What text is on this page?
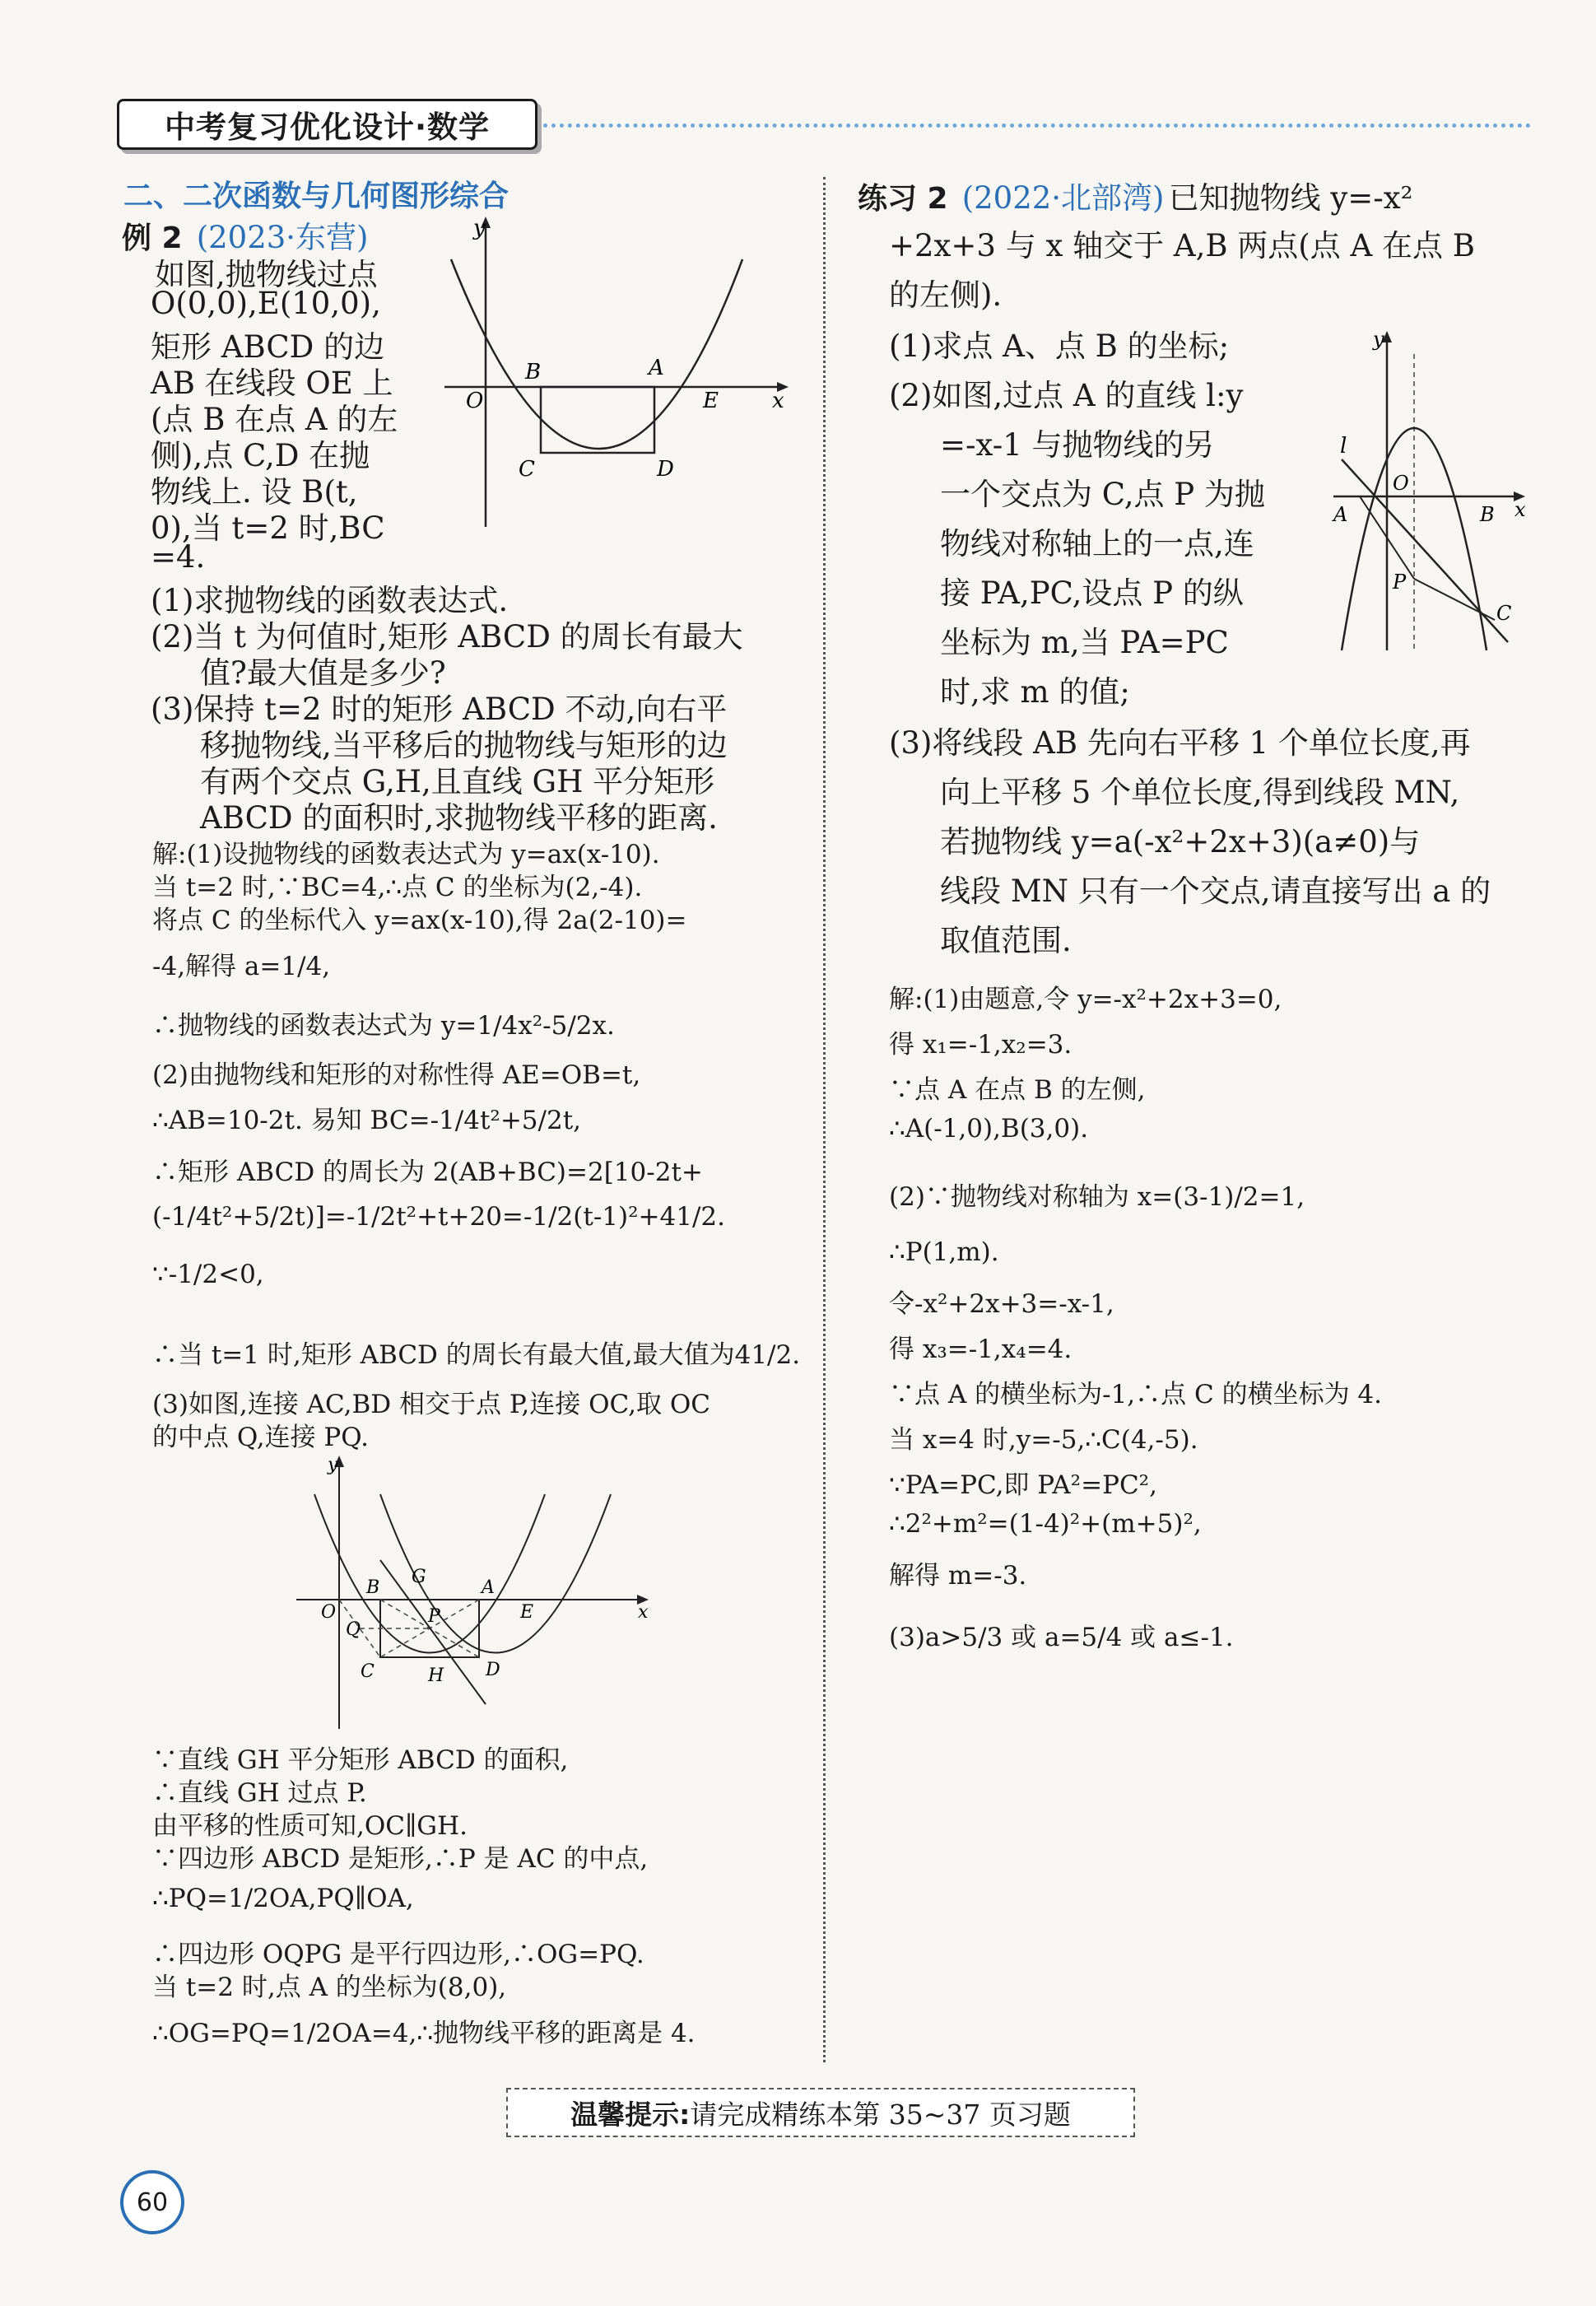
中考复习优化设计·数学
二、二次函数与几何图形综合
例 2 (2023·东营)
如图,抛物线过点
O(0,0),E(10,0),
矩形 ABCD 的边
AB 在线段 OE 上
(点 B 在点 A 的左
侧),点 C,D 在抛
物线上. 设 B(t,
0),当 t=2 时,BC
=4.
y
x
O
B	A
E
C	D
(1)求抛物线的函数表达式.
(2)当 t 为何值时,矩形 ABCD 的周长有最大
值?最大值是多少?
(3)保持 t=2 时的矩形 ABCD 不动,向右平
移抛物线,当平移后的抛物线与矩形的边
有两个交点 G,H,且直线 GH 平分矩形
ABCD 的面积时,求抛物线平移的距离.
解:(1)设抛物线的函数表达式为 y=ax(x-10).
当 t=2 时,∵BC=4,∴点 C 的坐标为(2,-4).
将点 C 的坐标代入 y=ax(x-10),得 2a(2-10)=
-4,解得 a=1/4,
∴抛物线的函数表达式为 y=1/4x²-5/2x.
(2)由抛物线和矩形的对称性得 AE=OB=t,
∴AB=10-2t. 易知 BC=-1/4t²+5/2t,
∴矩形 ABCD 的周长为 2(AB+BC)=2[10-2t+
(-1/4t²+5/2t)]=-1/2t²+t+20=-1/2(t-1)²+41/2.
∵-1/2<0,
∴当 t=1 时,矩形 ABCD 的周长有最大值,最大值为41/2.
(3)如图,连接 AC,BD 相交于点 P,连接 OC,取 OC
的中点 Q,连接 PQ.
y
x
O
B
G
A
P	E
Q
C	H D
∵直线 GH 平分矩形 ABCD 的面积,
∴直线 GH 过点 P.
由平移的性质可知,OC∥GH.
∵四边形 ABCD 是矩形,∴P 是 AC 的中点,
∴PQ=1/2OA,PQ∥OA,
∴四边形 OQPG 是平行四边形,∴OG=PQ.
当 t=2 时,点 A 的坐标为(8,0),
∴OG=PQ=1/2OA=4,∴抛物线平移的距离是 4.
练习 2 (2022·北部湾) 已知抛物线 y=-x²
+2x+3 与 x 轴交于 A,B 两点(点 A 在点 B
的左侧).
(1)求点 A、点 B 的坐标;
(2)如图,过点 A 的直线 l:y
=-x-1 与抛物线的另
一个交点为 C,点 P 为抛
物线对称轴上的一点,连
接 PA,PC,设点 P 的纵
坐标为 m,当 PA=PC
时,求 m 的值;
(3)将线段 AB 先向右平移 1 个单位长度,再
向上平移 5 个单位长度,得到线段 MN,
若抛物线 y=a(-x²+2x+3)(a≠0)与
线段 MN 只有一个交点,请直接写出 a 的
取值范围.
y
x
l
O
A	B
P
C
解:(1)由题意,令 y=-x²+2x+3=0,
得 x₁=-1,x₂=3.
∵点 A 在点 B 的左侧,
∴A(-1,0),B(3,0).
(2)∵抛物线对称轴为 x=(3-1)/2=1,
∴P(1,m).
令-x²+2x+3=-x-1,
得 x₃=-1,x₄=4.
∵点 A 的横坐标为-1,∴点 C 的横坐标为 4.
当 x=4 时,y=-5,∴C(4,-5).
∵PA=PC,即 PA²=PC²,
∴2²+m²=(1-4)²+(m+5)²,
解得 m=-3.
(3)a>5/3 或 a=5/4 或 a≤-1.
温馨提示: 请完成精练本第 35~37 页习题
60
